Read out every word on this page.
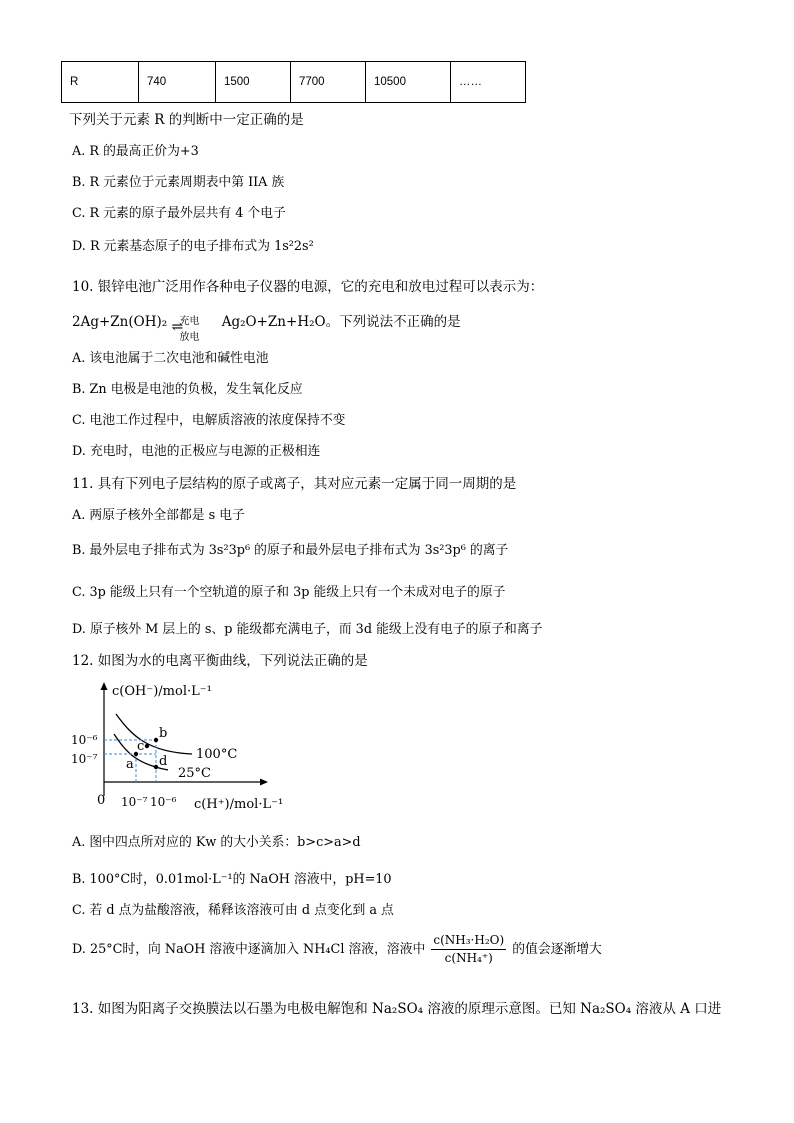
R	740	1500	7700	10500	……
下列关于元素 R 的判断中一定正确的是
A. R 的最高正价为+3
B. R 元素位于元素周期表中第 IIA 族
C. R 元素的原子最外层共有 4 个电子
D. R 元素基态原子的电子排布式为 1s²2s²
10. 银锌电池广泛用作各种电子仪器的电源，它的充电和放电过程可以表示为：
2Ag+Zn(OH)₂ 充电
⇌
放电
Ag₂O+Zn+H₂O。下列说法不正确的是
A. 该电池属于二次电池和碱性电池
B. Zn 电极是电池的负极，发生氧化反应
C. 电池工作过程中，电解质溶液的浓度保持不变
D. 充电时，电池的正极应与电源的正极相连
11. 具有下列电子层结构的原子或离子，其对应元素一定属于同一周期的是
A. 两原子核外全部都是 s 电子
B. 最外层电子排布式为 3s²3p⁶ 的原子和最外层电子排布式为 3s²3p⁶ 的离子
C. 3p 能级上只有一个空轨道的原子和 3p 能级上只有一个未成对电子的原子
D. 原子核外 M 层上的 s、p 能级都充满电子，而 3d 能级上没有电子的原子和离子
12. 如图为水的电离平衡曲线，下列说法正确的是
c(OH⁻)/mol·L⁻¹
c(H⁺)/mol·L⁻¹
10⁻⁶
10⁻⁷
10⁻⁷ 10⁻⁶
0
100°C
25°C
a
b
c
d
A. 图中四点所对应的 Kw 的大小关系：b>c>a>d
B. 100°C时，0.01mol·L⁻¹的 NaOH 溶液中，pH=10
C. 若 d 点为盐酸溶液，稀释该溶液可由 d 点变化到 a 点
D. 25°C时，向 NaOH 溶液中逐滴加入 NH₄Cl 溶液，溶液中 $\frac{\text{c(NH₃·H₂O)}}{\text{c(NH₄⁺)}}$ 的值会逐渐增大
13. 如图为阳离子交换膜法以石墨为电极电解饱和 Na₂SO₄ 溶液的原理示意图。已知 Na₂SO₄ 溶液从 A 口进
